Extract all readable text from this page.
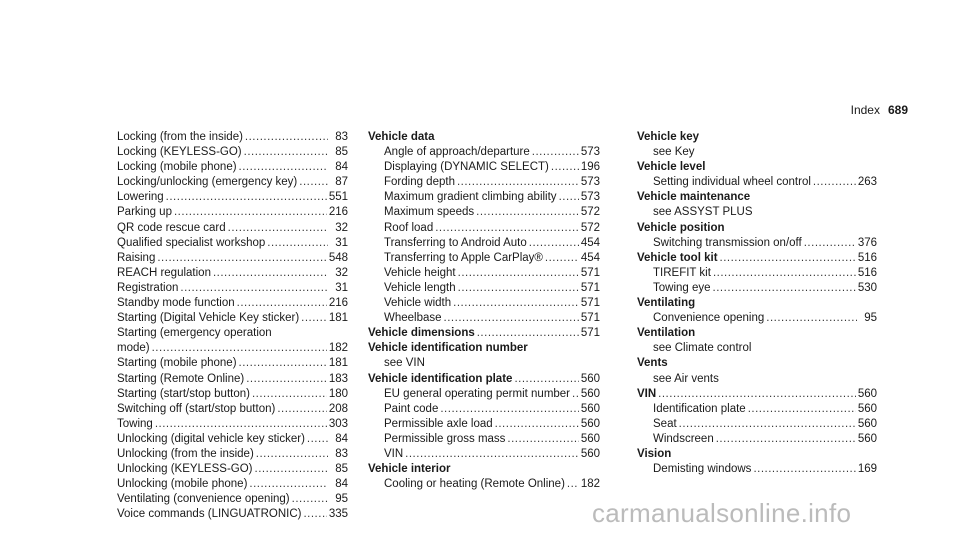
Index 689
Locking (from the inside) .....	83
Locking (KEYLESS-GO) .....	85
Locking (mobile phone) .....	84
Locking/unlocking (emergency key) .....	87
Lowering .....	551
Parking up .....	216
QR code rescue card .....	32
Qualified specialist workshop .....	31
Raising .....	548
REACH regulation .....	32
Registration .....	31
Standby mode function .....	216
Starting (Digital Vehicle Key sticker) .....	181
Starting (emergency operation
mode) .....	182
Starting (mobile phone) .....	181
Starting (Remote Online) .....	183
Starting (start/stop button) .....	180
Switching off (start/stop button) .....	208
Towing .....	303
Unlocking (digital vehicle key sticker) .....	84
Unlocking (from the inside) .....	83
Unlocking (KEYLESS-GO) .....	85
Unlocking (mobile phone) .....	84
Ventilating (convenience opening) .....	95
Voice commands (LINGUATRONIC) ..... 335
Vehicle data
Angle of approach/departure .....	573
Displaying (DYNAMIC SELECT) .....	196
Fording depth .....	573
Maximum gradient climbing ability ..... 573
Maximum speeds .....	572
Roof load .....	572
Transferring to Android Auto .....	454
Transferring to Apple CarPlay® .....	454
Vehicle height .....	571
Vehicle length .....	571
Vehicle width .....	571
Wheelbase .....	571
Vehicle dimensions .....	571
Vehicle identification number
see VIN
Vehicle identification plate .....	560
EU general operating permit number ..... 560
Paint code .....	560
Permissible axle load .....	560
Permissible gross mass .....	560
VIN .....	560
Vehicle interior
Cooling or heating (Remote Online) ..... 182
Vehicle key
see Key
Vehicle level
Setting individual wheel control .....	263
Vehicle maintenance
see ASSYST PLUS
Vehicle position
Switching transmission on/off .....	376
Vehicle tool kit .....	516
TIREFIT kit .....	516
Towing eye .....	530
Ventilating
Convenience opening .....	95
Ventilation
see Climate control
Vents
see Air vents
VIN .....	560
Identification plate .....	560
Seat .....	560
Windscreen .....	560
Vision
Demisting windows .....	169
carmanualsonline.info
